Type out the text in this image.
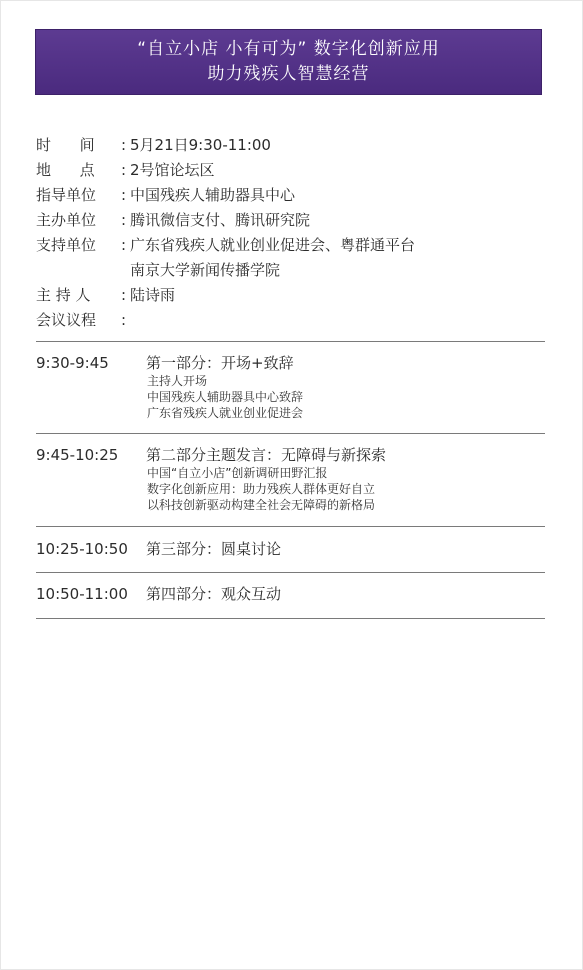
“自立小店 小有可为” 数字化创新应用
助力残疾人智慧经营
时      间	: 5月21日9:30-11:00
地      点	: 2号馆论坛区
指导单位	: 中国残疾人辅助器具中心
主办单位	: 腾讯微信支付、腾讯研究院
支持单位	: 广东省残疾人就业创业促进会、粤群通平台
南京大学新闻传播学院
主 持 人	: 陆诗雨
会议议程	:
9:30-9:45	第一部分：开场+致辞
主持人开场
中国残疾人辅助器具中心致辞
广东省残疾人就业创业促进会
9:45-10:25	第二部分主题发言：无障碍与新探索
中国“自立小店”创新调研田野汇报
数字化创新应用：助力残疾人群体更好自立
以科技创新驱动构建全社会无障碍的新格局
10:25-10:50	第三部分：圆桌讨论
10:50-11:00	第四部分：观众互动
